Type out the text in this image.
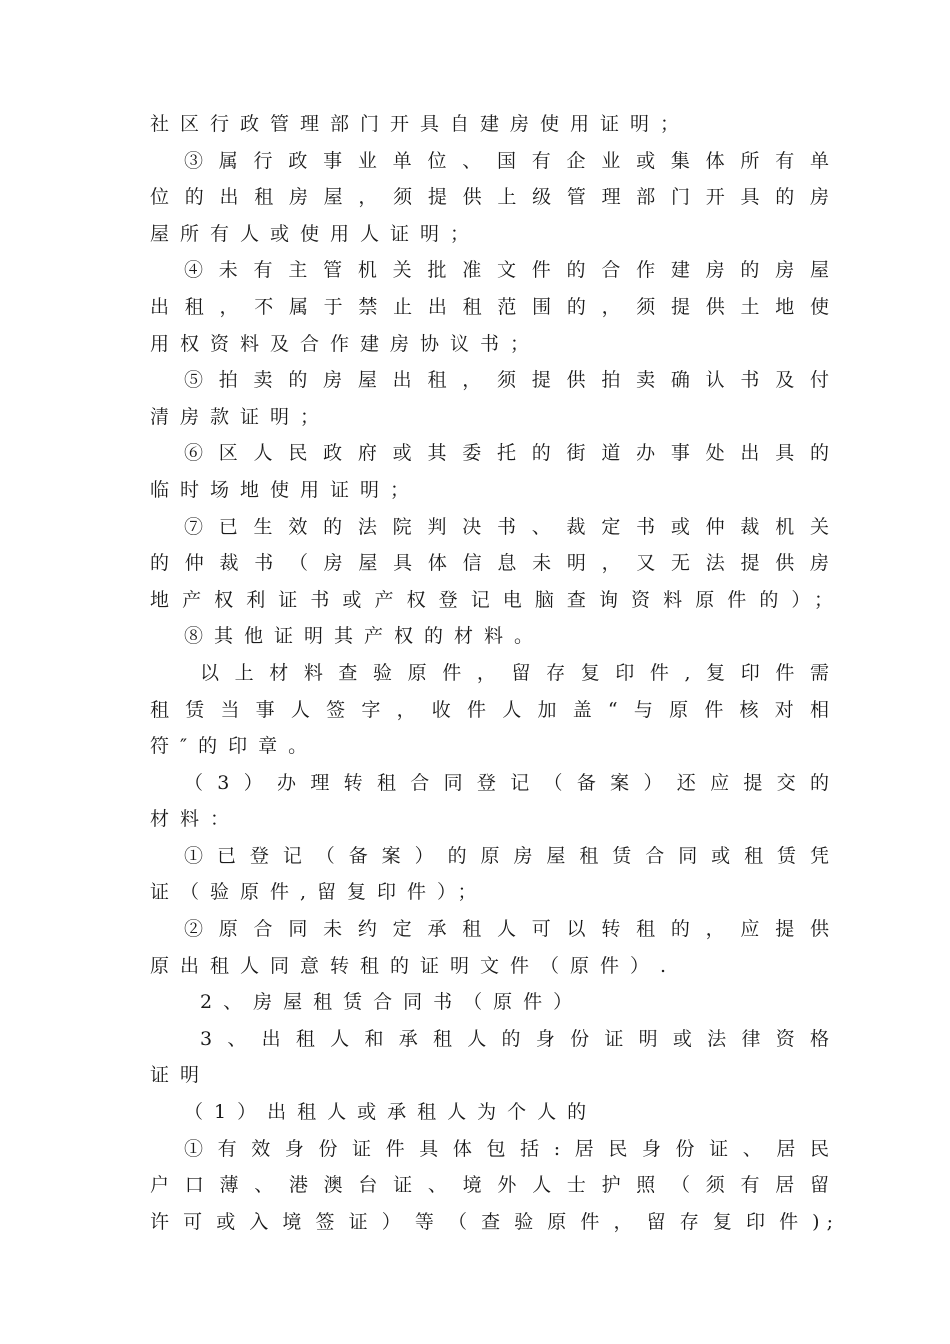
社区行政管理部门开具自建房使用证明；
③属行政事业单位、国有企业或集体所有单
位的出租房屋，须提供上级管理部门开具的房
屋所有人或使用人证明；
④未有主管机关批准文件的合作建房的房屋
出租，不属于禁止出租范围的，须提供土地使
用权资料及合作建房协议书；
⑤拍卖的房屋出租，须提供拍卖确认书及付
清房款证明；
⑥区人民政府或其委托的街道办事处出具的
临时场地使用证明；
⑦已生效的法院判决书、裁定书或仲裁机关
的仲裁书（房屋具体信息未明，又无法提供房
地产权利证书或产权登记电脑查询资料原件的）；
⑧其他证明其产权的材料。
以上材料查验原件，留存复印件,复印件需
租赁当事人签字，收件人加盖“与原件核对相
符″的印章。
（3）办理转租合同登记（备案）还应提交的
材料：
①已登记（备案）的原房屋租赁合同或租赁凭
证（验原件,留复印件）；
②原合同未约定承租人可以转租的，应提供
原出租人同意转租的证明文件（原件）.
2、房屋租赁合同书（原件）
3、出租人和承租人的身份证明或法律资格
证明
（1）出租人或承租人为个人的
①有效身份证件具体包括:居民身份证、居民
户口薄、港澳台证、境外人士护照（须有居留
许可或入境签证）等（查验原件，留存复印件);
